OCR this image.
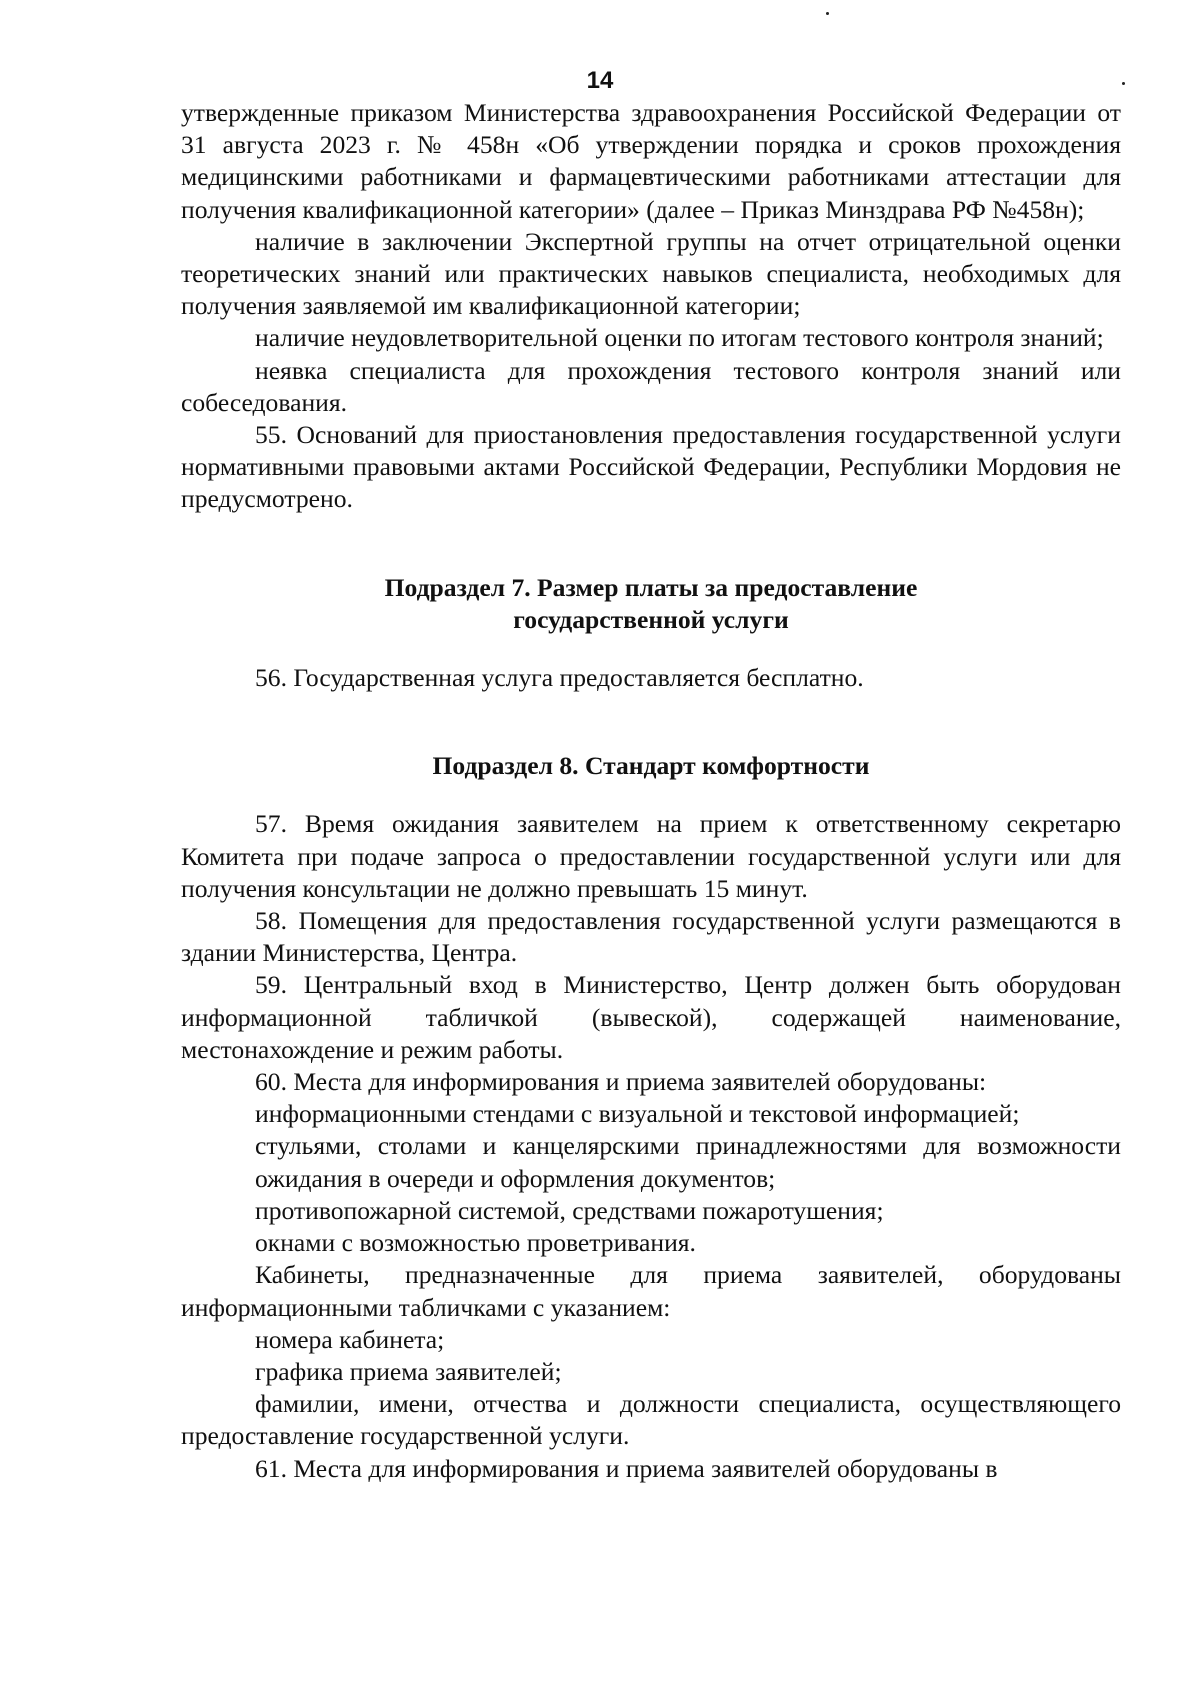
14

утвержденные приказом Министерства здравоохранения Российской Федерации от 31 августа 2023 г. № 458н «Об утверждении порядка и сроков прохождения медицинскими работниками и фармацевтическими работниками аттестации для получения квалификационной категории» (далее – Приказ Минздрава РФ №458н);

наличие в заключении Экспертной группы на отчет отрицательной оценки теоретических знаний или практических навыков специалиста, необходимых для получения заявляемой им квалификационной категории;

наличие неудовлетворительной оценки по итогам тестового контроля знаний;

неявка специалиста для прохождения тестового контроля знаний или собеседования.

55. Оснований для приостановления предоставления государственной услуги нормативными правовыми актами Российской Федерации, Республики Мордовия не предусмотрено.

Подраздел 7. Размер платы за предоставление

государственной услуги

56. Государственная услуга предоставляется бесплатно.

Подраздел 8. Стандарт комфортности

57. Время ожидания заявителем на прием к ответственному секретарю Комитета при подаче запроса о предоставлении государственной услуги или для получения консультации не должно превышать 15 минут.

58. Помещения для предоставления государственной услуги размещаются в здании Министерства, Центра.

59. Центральный вход в Министерство, Центр должен быть оборудован информационной табличкой (вывеской), содержащей наименование, местонахождение и режим работы.

60. Места для информирования и приема заявителей оборудованы:

информационными стендами с визуальной и текстовой информацией;

стульями, столами и канцелярскими принадлежностями для возможности ожидания в очереди и оформления документов;

противопожарной системой, средствами пожаротушения;

окнами с возможностью проветривания.

Кабинеты, предназначенные для приема заявителей, оборудованы информационными табличками с указанием:

номера кабинета;

графика приема заявителей;

фамилии, имени, отчества и должности специалиста, осуществляющего предоставление государственной услуги.

61. Места для информирования и приема заявителей оборудованы в
